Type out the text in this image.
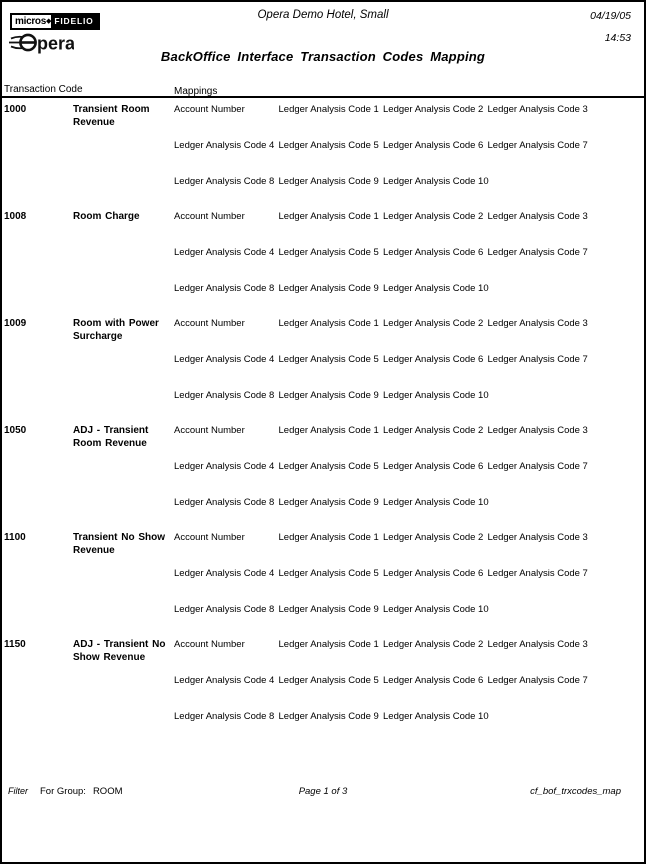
micros ◆ FIDELIO
pera
Opera Demo Hotel, Small	04/19/05
14:53
BackOffice Interface Transaction Codes Mapping
Transaction Code	Mappings
1000	Transient Room Revenue
Account Number	Ledger Analysis Code 1 Ledger Analysis Code 2 Ledger Analysis Code 3
Ledger Analysis Code 4 Ledger Analysis Code 5 Ledger Analysis Code 6 Ledger Analysis Code 7
Ledger Analysis Code 8 Ledger Analysis Code 9 Ledger Analysis Code 10
1008	Room Charge	Account Number	Ledger Analysis Code 1 Ledger Analysis Code 2 Ledger Analysis Code 3
Ledger Analysis Code 4 Ledger Analysis Code 5 Ledger Analysis Code 6 Ledger Analysis Code 7
Ledger Analysis Code 8 Ledger Analysis Code 9 Ledger Analysis Code 10
1009	Room with Power Surcharge
Account Number	Ledger Analysis Code 1 Ledger Analysis Code 2 Ledger Analysis Code 3
Ledger Analysis Code 4 Ledger Analysis Code 5 Ledger Analysis Code 6 Ledger Analysis Code 7
Ledger Analysis Code 8 Ledger Analysis Code 9 Ledger Analysis Code 10
1050	ADJ - Transient Room Revenue
Account Number	Ledger Analysis Code 1 Ledger Analysis Code 2 Ledger Analysis Code 3
Ledger Analysis Code 4 Ledger Analysis Code 5 Ledger Analysis Code 6 Ledger Analysis Code 7
Ledger Analysis Code 8 Ledger Analysis Code 9 Ledger Analysis Code 10
1100	Transient No Show Revenue
Account Number	Ledger Analysis Code 1 Ledger Analysis Code 2 Ledger Analysis Code 3
Ledger Analysis Code 4 Ledger Analysis Code 5 Ledger Analysis Code 6 Ledger Analysis Code 7
Ledger Analysis Code 8 Ledger Analysis Code 9 Ledger Analysis Code 10
1150	ADJ - Transient No Show Revenue
Account Number	Ledger Analysis Code 1 Ledger Analysis Code 2 Ledger Analysis Code 3
Ledger Analysis Code 4 Ledger Analysis Code 5 Ledger Analysis Code 6 Ledger Analysis Code 7
Ledger Analysis Code 8 Ledger Analysis Code 9 Ledger Analysis Code 10
Filter For Group: ROOM	Page 1 of 3	cf_bof_trxcodes_map
